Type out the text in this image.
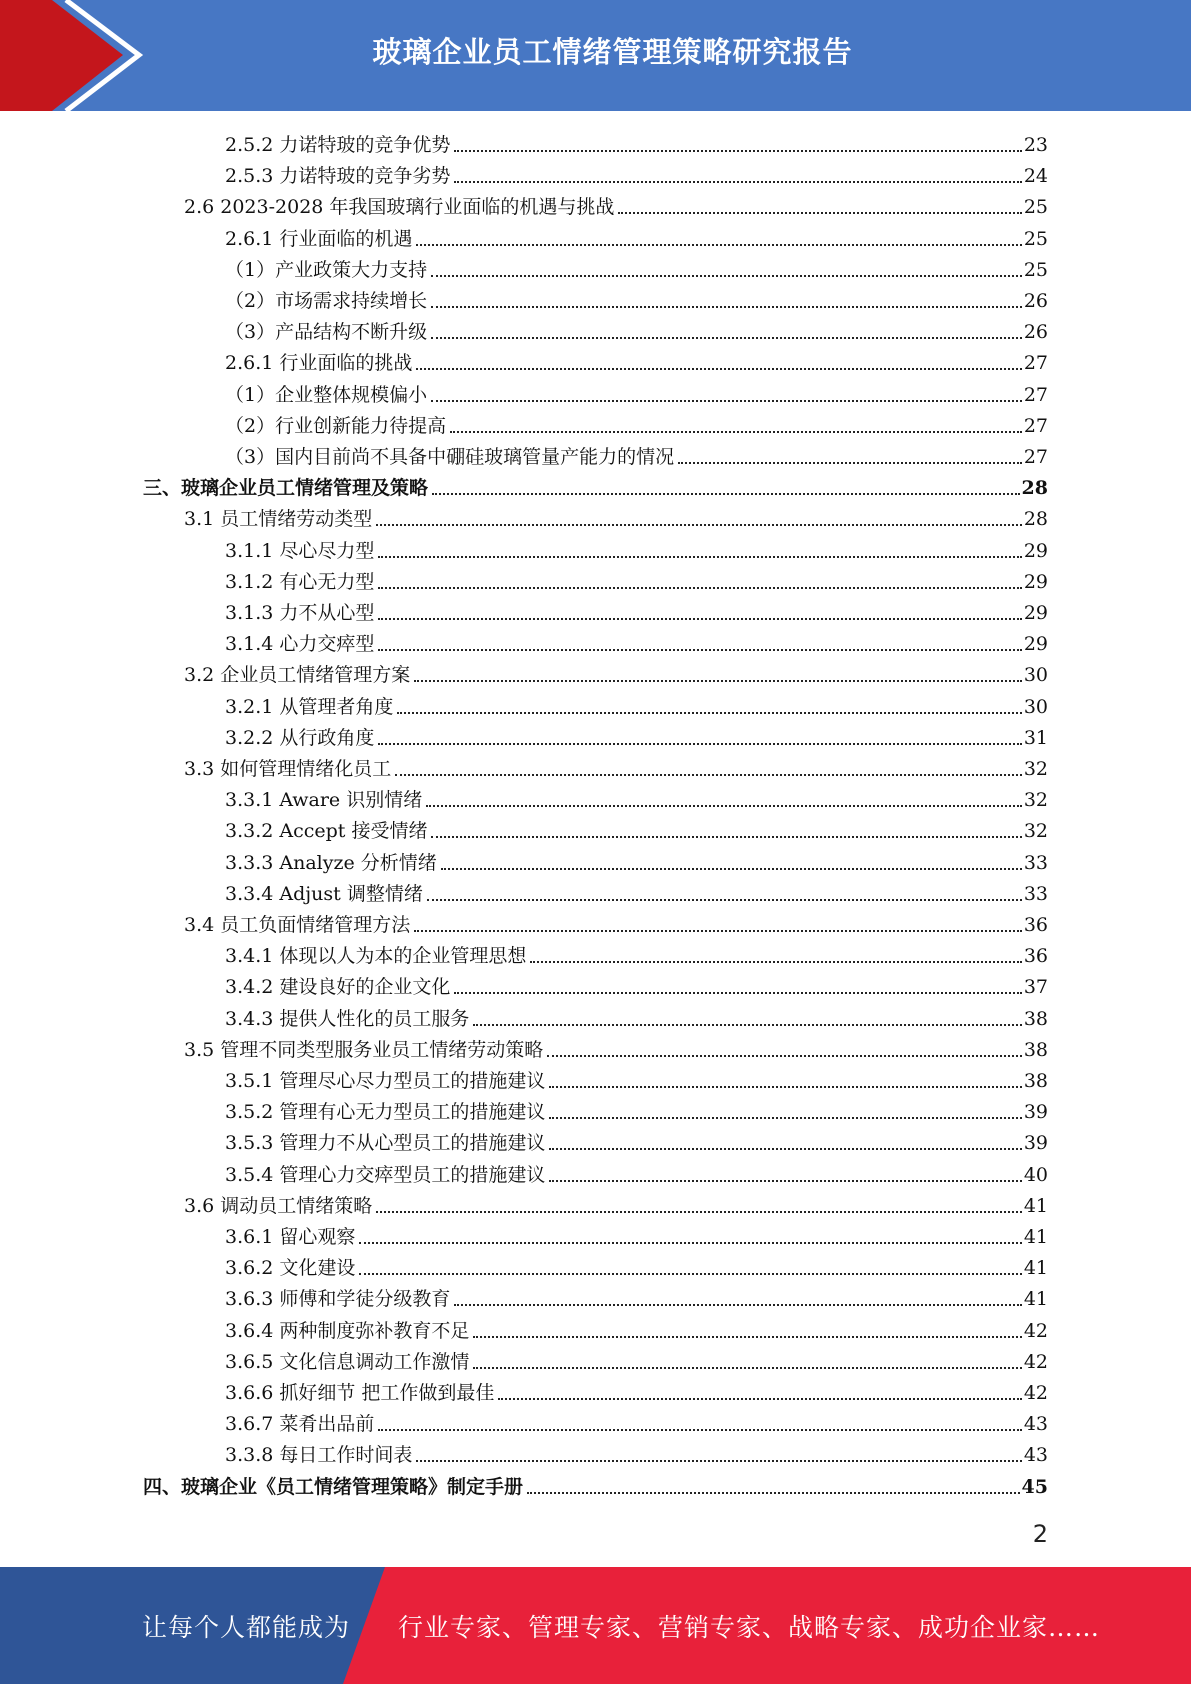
玻璃企业员工情绪管理策略研究报告
2.5.2 力诺特玻的竞争优势	23
2.5.3 力诺特玻的竞争劣势	24
2.6 2023-2028 年我国玻璃行业面临的机遇与挑战	25
2.6.1 行业面临的机遇	25
（1）产业政策大力支持	25
（2）市场需求持续增长	26
（3）产品结构不断升级	26
2.6.1 行业面临的挑战	27
（1）企业整体规模偏小	27
（2）行业创新能力待提高	27
（3）国内目前尚不具备中硼硅玻璃管量产能力的情况	27
三、玻璃企业员工情绪管理及策略	28
3.1 员工情绪劳动类型	28
3.1.1 尽心尽力型	29
3.1.2 有心无力型	29
3.1.3 力不从心型	29
3.1.4 心力交瘁型	29
3.2 企业员工情绪管理方案	30
3.2.1 从管理者角度	30
3.2.2 从行政角度	31
3.3 如何管理情绪化员工	32
3.3.1 Aware 识别情绪	32
3.3.2 Accept 接受情绪	32
3.3.3 Analyze 分析情绪	33
3.3.4 Adjust 调整情绪	33
3.4 员工负面情绪管理方法	36
3.4.1 体现以人为本的企业管理思想	36
3.4.2 建设良好的企业文化	37
3.4.3 提供人性化的员工服务	38
3.5 管理不同类型服务业员工情绪劳动策略	38
3.5.1 管理尽心尽力型员工的措施建议	38
3.5.2 管理有心无力型员工的措施建议	39
3.5.3 管理力不从心型员工的措施建议	39
3.5.4 管理心力交瘁型员工的措施建议	40
3.6 调动员工情绪策略	41
3.6.1 留心观察	41
3.6.2 文化建设	41
3.6.3 师傅和学徒分级教育	41
3.6.4 两种制度弥补教育不足	42
3.6.5 文化信息调动工作激情	42
3.6.6 抓好细节 把工作做到最佳	42
3.6.7 菜肴出品前	43
3.3.8 每日工作时间表	43
四、玻璃企业《员工情绪管理策略》制定手册	45
2
让每个人都能成为 行业专家、管理专家、营销专家、战略专家、成功企业家……
